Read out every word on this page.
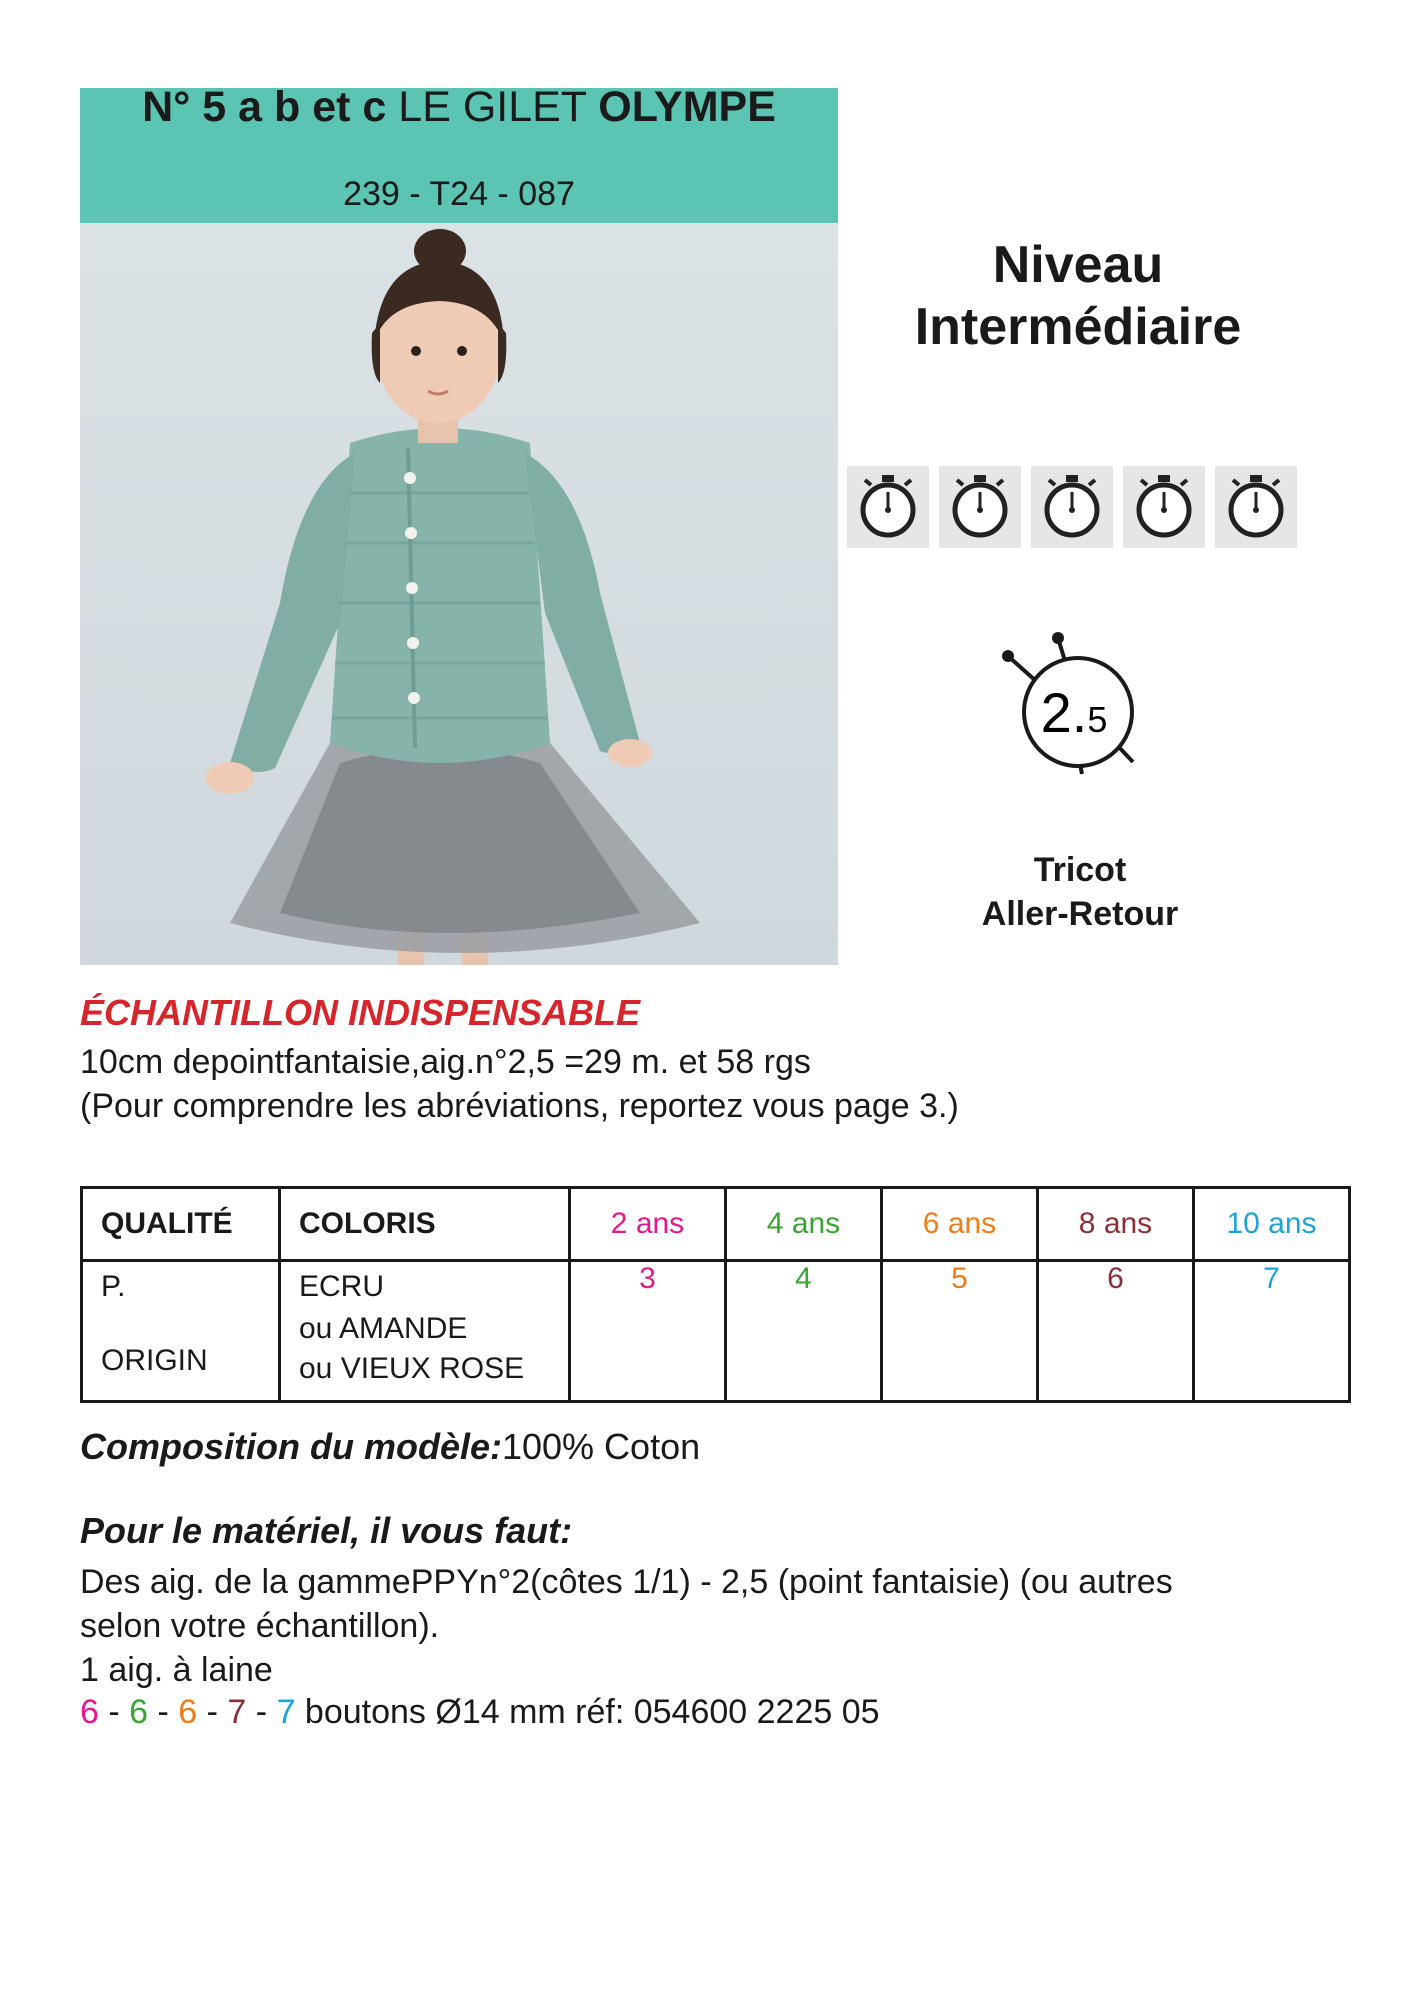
N° 5 a b et c LE GILET OLYMPE
239 - T24 - 087
Niveau
Intermédiaire
2.5
Tricot
Aller-Retour
ÉCHANTILLON INDISPENSABLE
10cm depointfantaisie,aig.n°2,5 =29 m. et 58 rgs
(Pour comprendre les abréviations, reportez vous page 3.)
QUALITÉ	COLORIS	2 ans	4 ans	6 ans	8 ans	10 ans

P.
ORIGIN	ECRU
ou AMANDE
ou VIEUX ROSE	3	4	5	6	7
Composition du modèle:100% Coton
Pour le matériel, il vous faut:
Des aig. de la gammePPYn°2(côtes 1/1) - 2,5 (point fantaisie) (ou autres
selon votre échantillon).
1 aig. à laine
6 - 6 - 6 - 7 - 7 boutons Ø14 mm réf: 054600 2225 05
